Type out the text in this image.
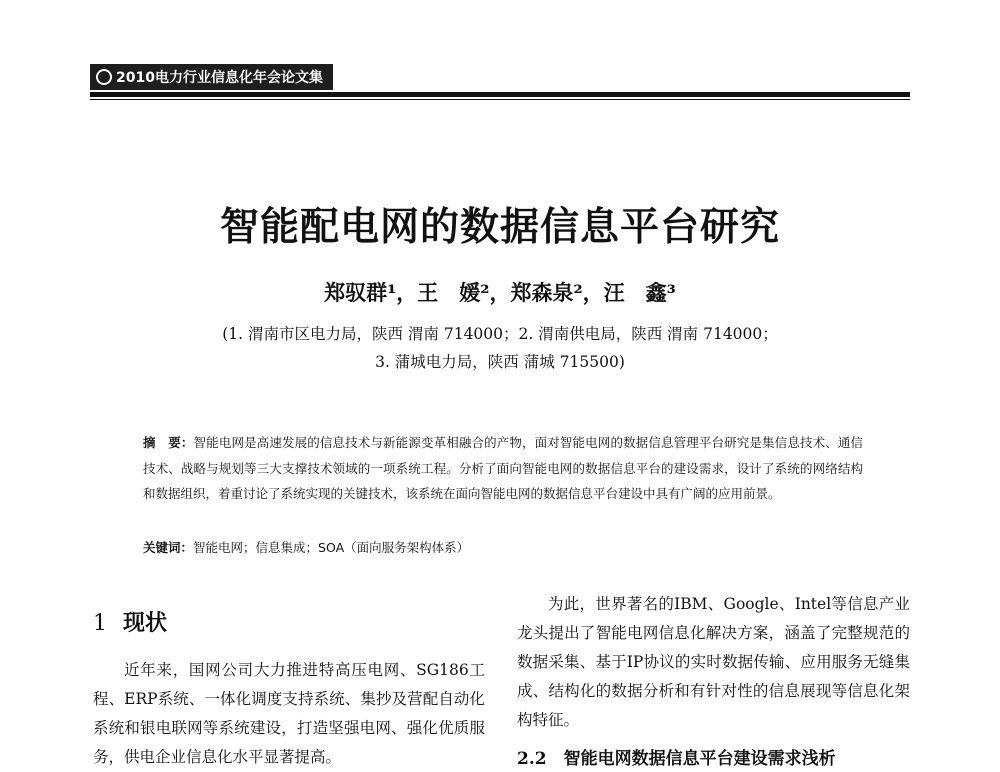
2010电力行业信息化年会论文集
智能配电网的数据信息平台研究
郑驭群¹，王　媛²，郑森泉²，汪　鑫³
(1. 渭南市区电力局，陕西 渭南 714000；2. 渭南供电局，陕西 渭南 714000；
3. 蒲城电力局，陕西 蒲城 715500)
摘　要：智能电网是高速发展的信息技术与新能源变革相融合的产物，面对智能电网的数据信息管理平台研究是集信息技术、通信技术、战略与规划等三大支撑技术领域的一项系统工程。分析了面向智能电网的数据信息平台的建设需求，设计了系统的网络结构和数据组织，着重讨论了系统实现的关键技术，该系统在面向智能电网的数据信息平台建设中具有广阔的应用前景。
关键词：智能电网；信息集成；SOA（面向服务架构体系）
1 现状
近年来，国网公司大力推进特高压电网、SG186工程、ERP系统、一体化调度支持系统、集抄及营配自动化系统和银电联网等系统建设，打造坚强电网、强化优质服务，供电企业信息化水平显著提高。
为此，世界著名的IBM、Google、Intel等信息产业龙头提出了智能电网信息化解决方案，涵盖了完整规范的数据采集、基于IP协议的实时数据传输、应用服务无缝集成、结构化的数据分析和有针对性的信息展现等信息化架构特征。
2.2　智能电网数据信息平台建设需求浅析
